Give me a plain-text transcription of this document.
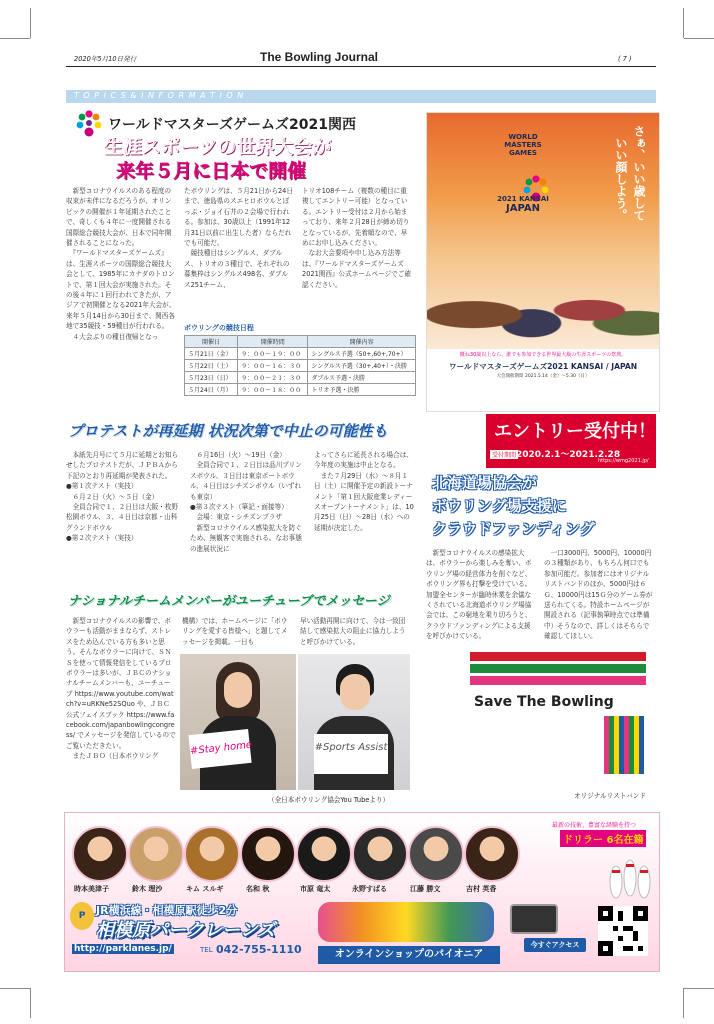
2020年5月10日発行	The Bowling Journal	( 7 )
T O P I C S & I N F O R M A T I O N
ワールドマスターズゲームズ2021関西
生涯スポーツの世界大会が
来年５月に日本で開催
　新型コロナウイルスのある程度の収束が未伴になるだろうが、オリンピックの開催が１年延期されたことで、奇しくも４年に一度開催される国際総合競技大会が、日本で同年開催されることになった。
　『ワールドマスターズゲームズ』は、生涯スポーツの国際総合競技大会として、1985年にカナダのトロントで、第１回大会が実施された。その後４年に１回行われてきたが、アジアで初開催となる2021年大会が、来年５月14日から30日まで、関西各地で35競技・59種目が行われる。
　４大会ぶりの種目復帰となっ
たボウリングは、５月21日から24日まで、徳島県のスエヒロボウルとぼっぷ・ジョイ石井の２会場で行われる。参加は、30歳以上（1991年12月31日以前に出生した者）ならだれでも可能だ。
　競技種目はシングルス、ダブルス、トリオの３種目で、それぞれの募集枠はシングルス498名、ダブルス251チーム、
トリオ108チーム（複数の種目に重複してエントリー可能）となっている。エントリー受付は２月から始まっており、来年２月28日が締め切りとなっているが、先着順なので、早めにお申し込みください。
　なお大会要項や申し込み方法等は、『ワールドマスターズゲームズ2021関西』公式ホームページでご確認ください。
ボウリングの競技日程
開催日	開催時間	開催内容
５月21日（金）	９：００～１９：００	シングルス予選（50+,60+,70+）
５月22日（土）	９：００～１６：３０	シングルス予選（30+,40+）・決勝
５月23日（日）	９：００～２１：３０	ダブルス予選・決勝
５月24日（月）	９：００～１８：００	トリオ予選・決勝
WORLD
MASTERS
GAMES
2021 KANSAI
JAPAN	さぁ、いい歳して
いい顔しよう。
概ね30歳以上なら、誰でも参加できる世界最大級の生涯スポーツの祭典。
ワールドマスターズゲームズ2021 KANSAI / JAPAN
大会開催期間 2021.5.14（金）～5.30（日）
エントリー受付中！
受付期間 2020.2.1～2021.2.28
https://wmg2021.jp/
プロテストが再延期 状況次第で中止の可能性も
　本紙先月号にて５月に延期とお知らせしたプロテストだが、ＪＰＢＡから下記のとおり再延期が発表された。
●第１次テスト（実技）
　６月２日（火）～５日（金）
　全員合同で１、２日目は大阪・枚野松園ボウル、３、４日目は京都・山科グランドボウル
●第２次テスト（実技）
　６月16日（火）～19日（金）
　全員合同で１、２日目は品川プリンスボウル、３日目は東京ポートボウル、４日目はシチズンボウル（いずれも東京）
●第３次テスト（筆記・面接等）
　会場：東京・シチズンプラザ
　新型コロナウイルス感染拡大を防ぐため、無観客で実施される。なお事態の進展状況に
よってさらに延長される場合は、今年度の実施は中止となる。
　また７月29日（水）～８月１日（土）に開催予定の新設トーナメント「第１回大阪産業レディースオープントーナメント」は、10月25日（日）～28日（水）への延期が決定した。
北海道場協会が
ボウリング場支援に
クラウドファンディング
　新型コロナウイルスの感染拡大は、ボウラーから楽しみを奪い、ボウリング場の経営体力を削ぐなど、ボウリング界も打撃を受けている。加盟全センターが臨時休業を余儀なくされている北海道ボウリング場協会では、この窮地を乗り切ろうと、クラウドファンディングによる支援を呼びかけている。
　一口3000円、5000円、10000円の３種類があり、もちろん何口でも参加可能だ。参加者にはオリジナルリストバンドのほか、5000円は６Ｇ、10000円は15Ｇ分のゲーム券が送られてくる。特設ホームページが開設される（記事執筆時点では準備中）そうなので、詳しくはそちらで確認してほしい。
Save The Bowling
オリジナルリストバンド
ナショナルチームメンバーがユーチューブでメッセージ
　新型コロナウイルスの影響で、ボウラーも活動がままならず、ストレスをため込んでいる方も多いと思う。そんなボウラーに向けて、ＳＮＳを使って情報発信をしているプロボウラーは多いが、ＪＢＣのナショナルチームメンバーも、ユーチューブ https://www.youtube.com/watch?v=uRKNe52SQuo や、ＪＢＣ公式フェイスブック https://www.facebook.com/japanbowlingcongress/ でメッセージを発信しているのでご覧いただきたい。
　またＪＢＯ（日本ボウリング
機構）では、ホームページに「ボウリングを愛する皆様へ」と題してメッセージを掲載。一日も
早い活動再開に向けて、今は一致団結して感染拡大の阻止に協力しようと呼びかけている。
#Stay home	#Sports Assist
（全日本ボウリング協会You Tubeより）
時本美津子	鈴木 理沙	キム スルギ	名和 秋	市原 竜太	永野すばる	江藤 勝文	吉村 英香
最新の技術、豊富な経験を持つ
ドリラー 6名在籍
JR横浜線・相模原駅徒歩2分
P
相模原パークレーンズ
http://parklanes.jp/	TEL 042-755-1110	オンラインショップのパイオニア
今すぐアクセス
